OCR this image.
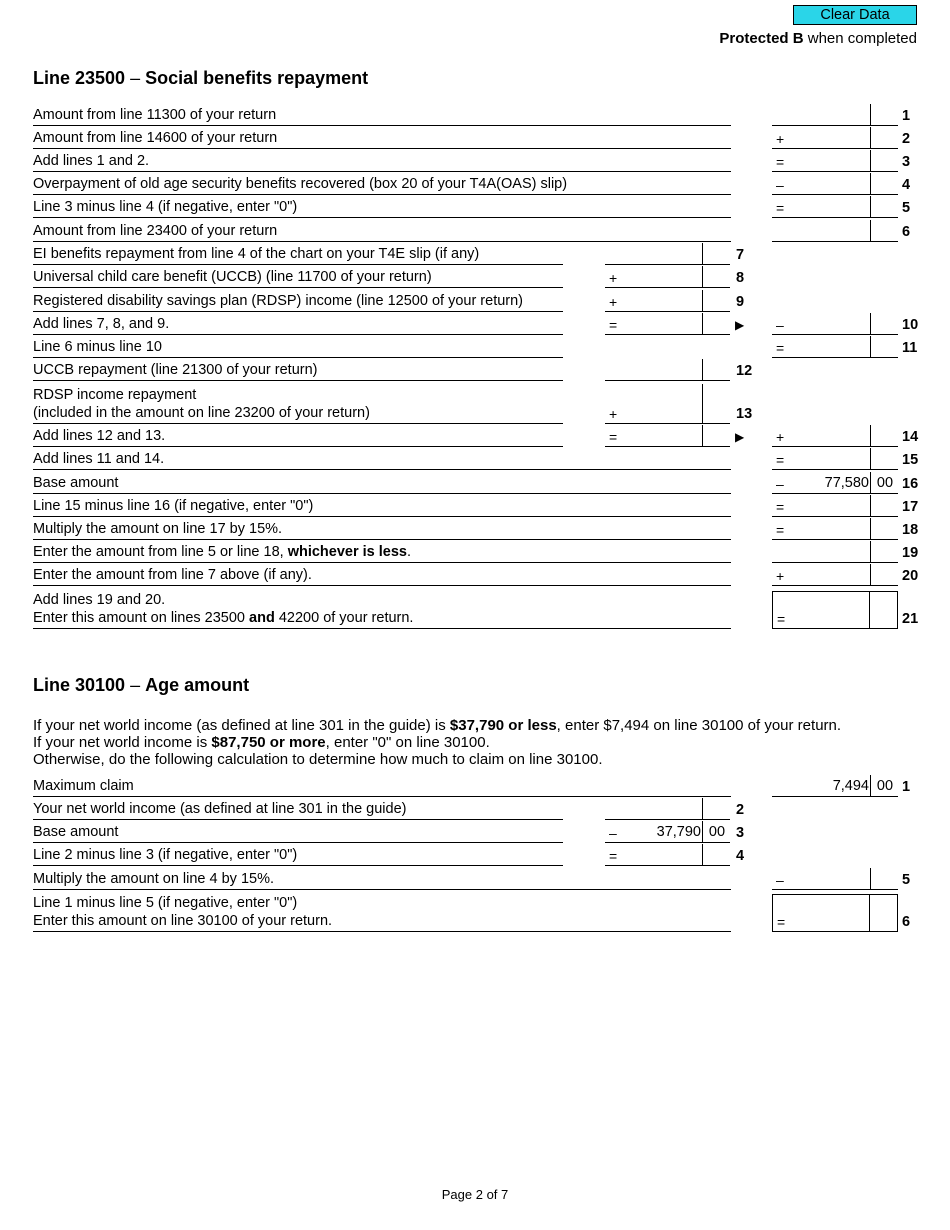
Clear Data
Protected B when completed
Line 23500 – Social benefits repayment
Amount from line 11300 of your return	1
Amount from line 14600 of your return	+	2
Add lines 1 and 2.	=	3
Overpayment of old age security benefits recovered (box 20 of your T4A(OAS) slip)	–	4
Line 3 minus line 4 (if negative, enter "0")	=	5
Amount from line 23400 of your return	6
EI benefits repayment from line 4 of the chart on your T4E slip (if any)	7
Universal child care benefit (UCCB) (line 11700 of your return)	+	8
Registered disability savings plan (RDSP) income (line 12500 of your return)	+	9
Add lines 7, 8, and 9.	=	▶ –	10
Line 6 minus line 10	=	11
UCCB repayment (line 21300 of your return)	12
RDSP income repayment
(included in the amount on line 23200 of your return)	+	13
Add lines 12 and 13.	=	▶ +	14
Add lines 11 and 14.	=	15
Base amount	–	77,580 00 16
Line 15 minus line 16 (if negative, enter "0")	=	17
Multiply the amount on line 17 by 15%.	=	18
Enter the amount from line 5 or line 18, whichever is less.	19
Enter the amount from line 7 above (if any).	+	20
Add lines 19 and 20.
Enter this amount on lines 23500 and 42200 of your return.	=	21
Line 30100 – Age amount
If your net world income (as defined at line 301 in the guide) is $37,790 or less, enter $7,494 on line 30100 of your return.
If your net world income is $87,750 or more, enter "0" on line 30100.
Otherwise, do the following calculation to determine how much to claim on line 30100.
Maximum claim	7,494 00 1
Your net world income (as defined at line 301 in the guide)	2
Base amount	–	37,790 00 3
Line 2 minus line 3 (if negative, enter "0")	=	4
Multiply the amount on line 4 by 15%.	–	5
Line 1 minus line 5 (if negative, enter "0")
Enter this amount on line 30100 of your return.	=	6
Page 2 of 7
